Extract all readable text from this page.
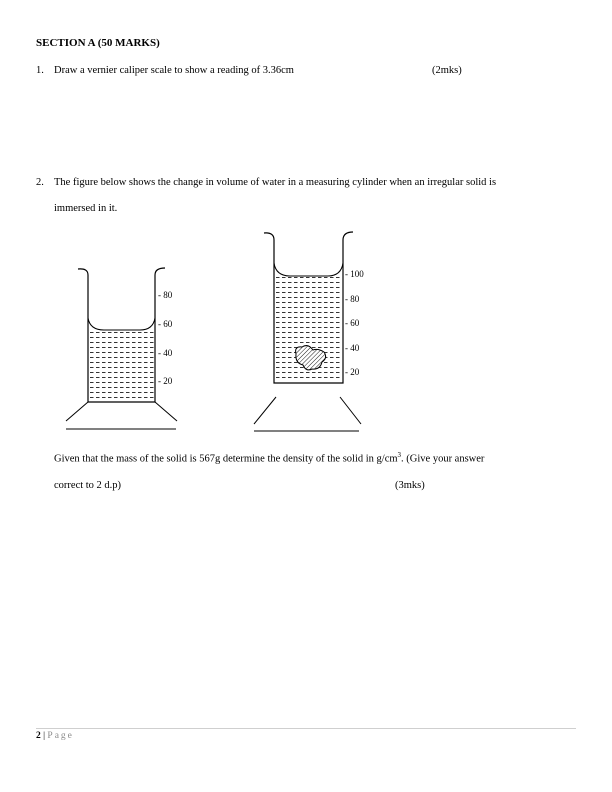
SECTION A (50 MARKS)
1. Draw a vernier caliper scale to show a reading of 3.36cm	(2mks)
2. The figure below shows the change in volume of water in a measuring cylinder when an irregular solid is
immersed in it.
- 80
- 60
- 40
- 20
- 100
- 80
- 60
- 40
- 20
Given that the mass of the solid is 567g determine the density of the solid in $g/cm^3$. (Give your answer
correct to 2 d.p)	(3mks)
2 | Page
